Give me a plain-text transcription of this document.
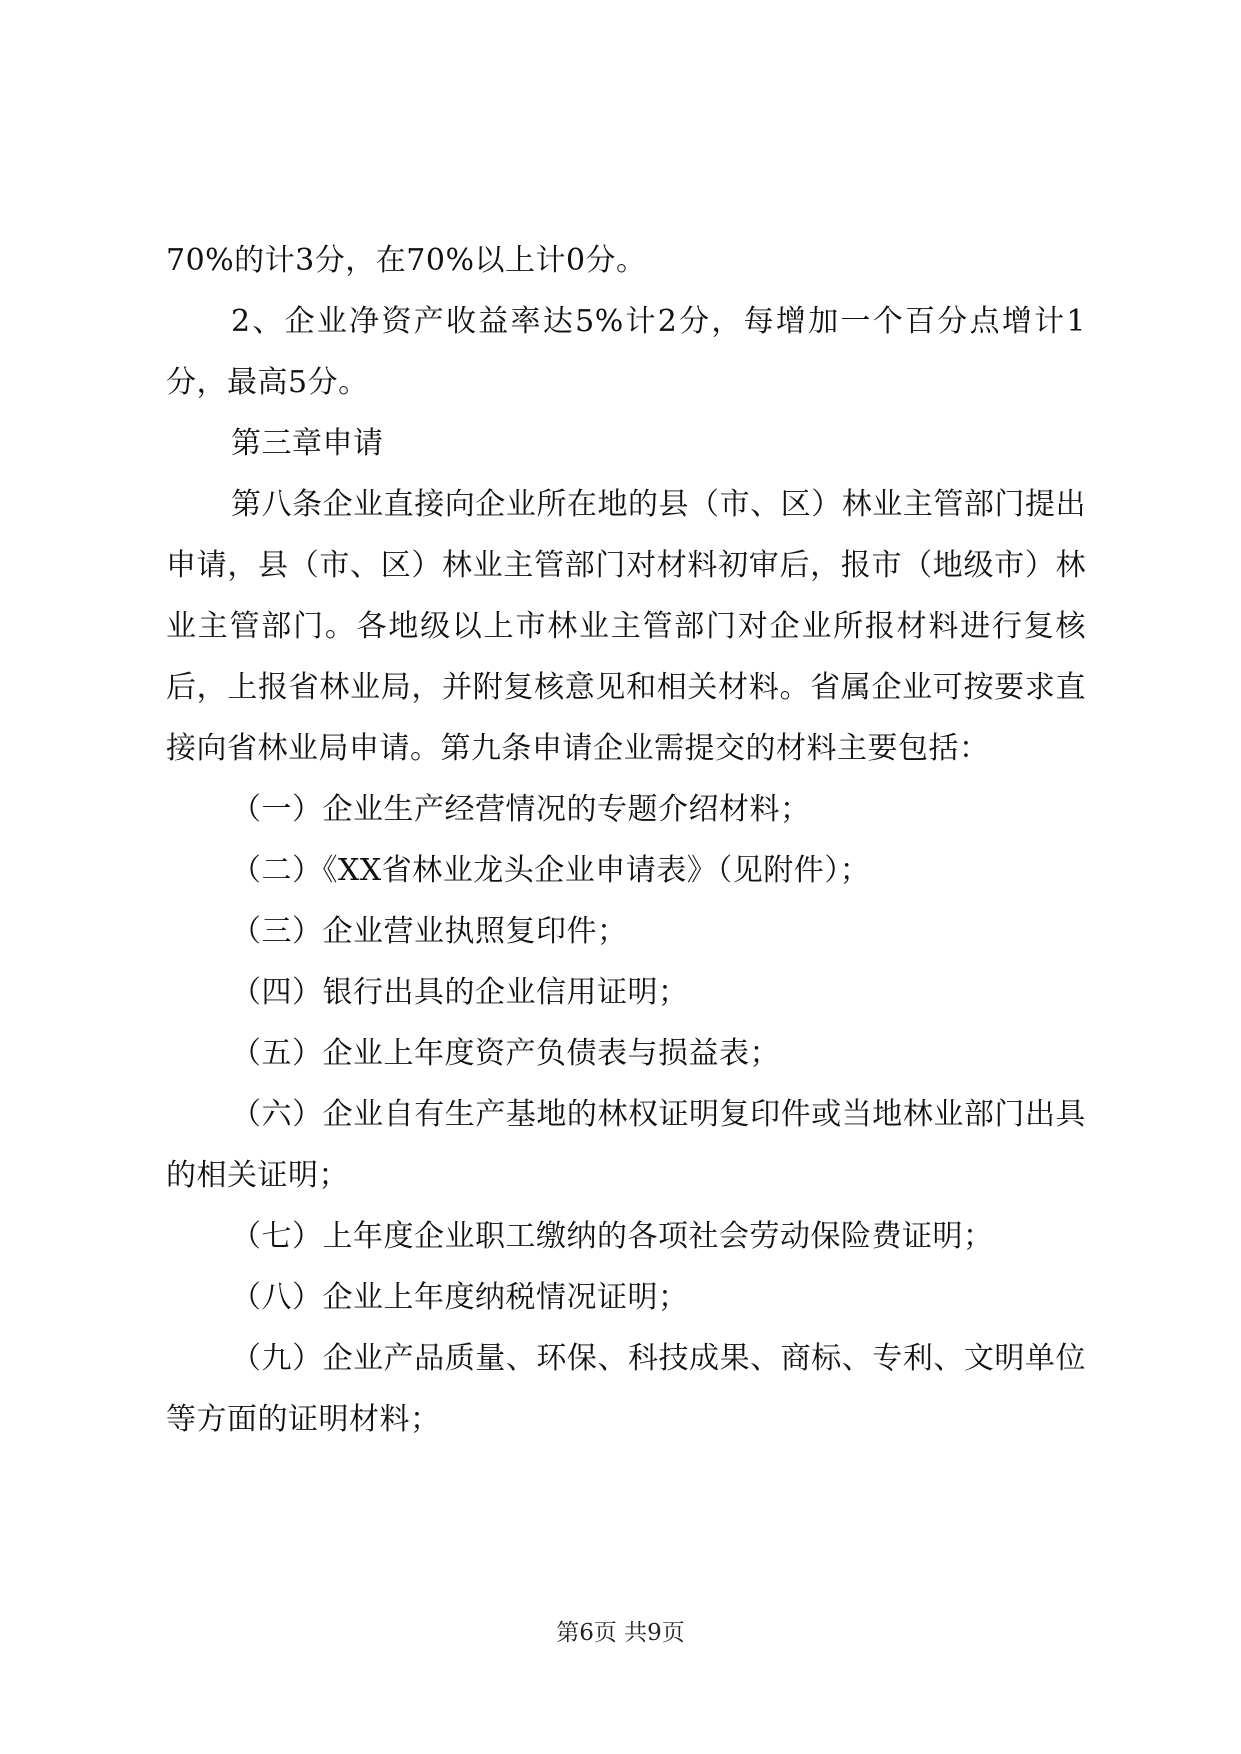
70%的计3分，在70%以上计0分。

2、企业净资产收益率达5%计2分，每增加一个百分点增计1分，最高5分。

第三章申请

第八条企业直接向企业所在地的县（市、区）林业主管部门提出申请，县（市、区）林业主管部门对材料初审后，报市（地级市）林业主管部门。各地级以上市林业主管部门对企业所报材料进行复核后，上报省林业局，并附复核意见和相关材料。省属企业可按要求直接向省林业局申请。第九条申请企业需提交的材料主要包括：

（一）企业生产经营情况的专题介绍材料；

（二）《XX省林业龙头企业申请表》（见附件）；

（三）企业营业执照复印件；

（四）银行出具的企业信用证明；

（五）企业上年度资产负债表与损益表；

（六）企业自有生产基地的林权证明复印件或当地林业部门出具的相关证明；

（七）上年度企业职工缴纳的各项社会劳动保险费证明；

（八）企业上年度纳税情况证明；

（九）企业产品质量、环保、科技成果、商标、专利、文明单位等方面的证明材料；

第6页 共9页
